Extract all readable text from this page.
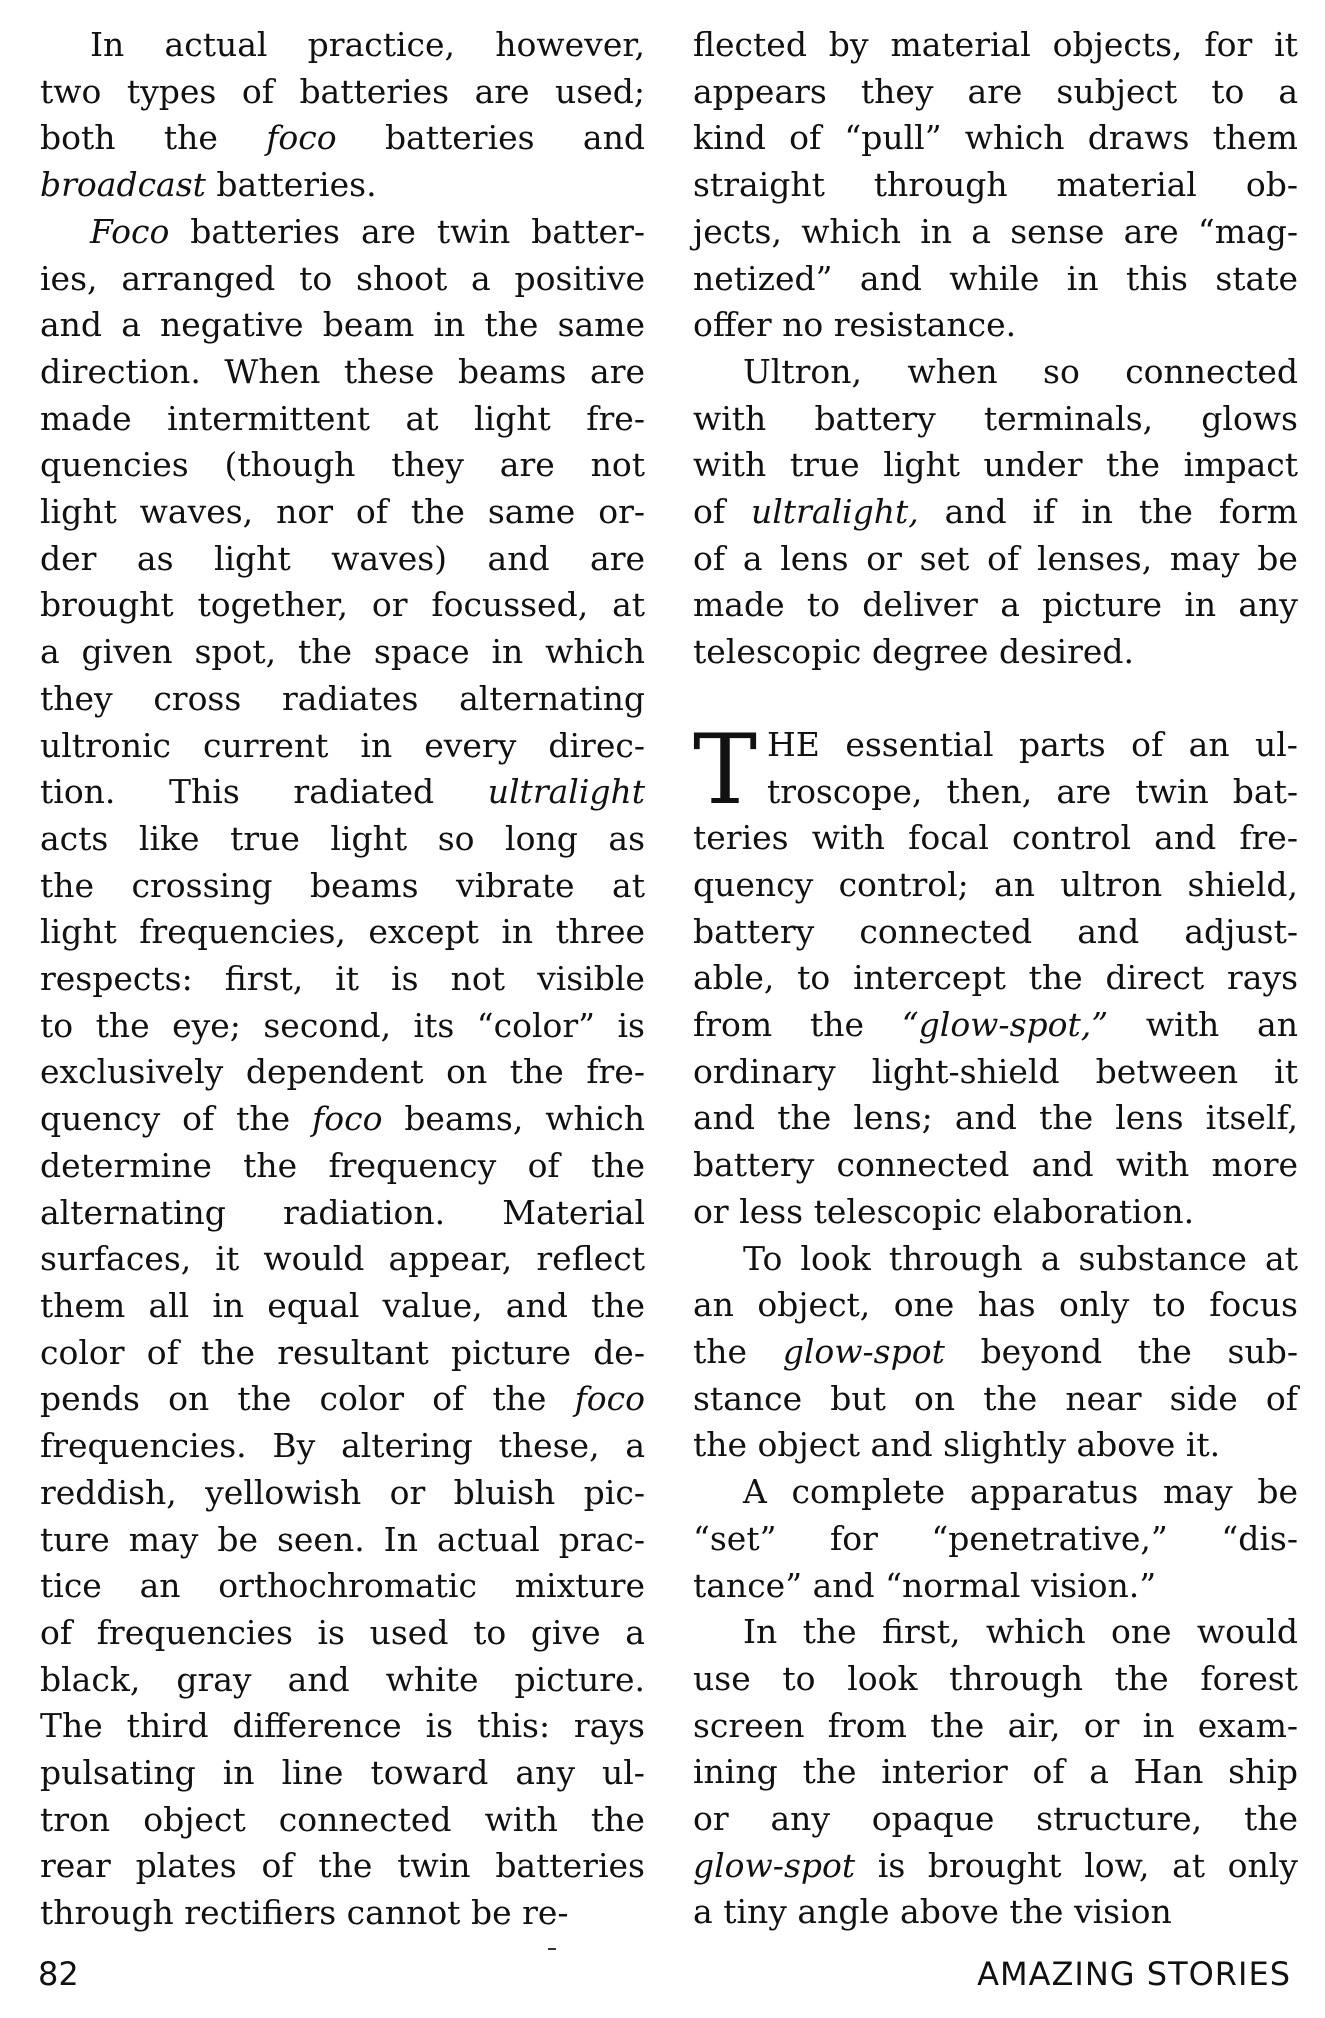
In actual practice, however,
two types of batteries are used;
both the foco batteries and
broadcast batteries.

Foco batteries are twin batter-
ies, arranged to shoot a positive
and a negative beam in the same
direction. When these beams are
made intermittent at light fre-
quencies (though they are not
light waves, nor of the same or-
der as light waves) and are
brought together, or focussed, at
a given spot, the space in which
they cross radiates alternating
ultronic current in every direc-
tion. This radiated ultralight
acts like true light so long as
the crossing beams vibrate at
light frequencies, except in three
respects: first, it is not visible
to the eye; second, its “color” is
exclusively dependent on the fre-
quency of the foco beams, which
determine the frequency of the
alternating radiation. Material
surfaces, it would appear, reflect
them all in equal value, and the
color of the resultant picture de-
pends on the color of the foco
frequencies. By altering these, a
reddish, yellowish or bluish pic-
ture may be seen. In actual prac-
tice an orthochromatic mixture
of frequencies is used to give a
black, gray and white picture.
The third difference is this: rays
pulsating in line toward any ul-
tron object connected with the
rear plates of the twin batteries
through rectifiers cannot be re-

flected by material objects, for it
appears they are subject to a
kind of “pull” which draws them
straight through material ob-
jects, which in a sense are “mag-
netized” and while in this state
offer no resistance.

Ultron, when so connected
with battery terminals, glows
with true light under the impact
of ultralight, and if in the form
of a lens or set of lenses, may be
made to deliver a picture in any
telescopic degree desired.

T HE essential parts of an ul-
troscope, then, are twin bat-
teries with focal control and fre-
quency control; an ultron shield,
battery connected and adjust-
able, to intercept the direct rays
from the “glow-spot,” with an
ordinary light-shield between it
and the lens; and the lens itself,
battery connected and with more
or less telescopic elaboration.

To look through a substance at
an object, one has only to focus
the glow-spot beyond the sub-
stance but on the near side of
the object and slightly above it.

A complete apparatus may be
“set” for “penetrative,” “dis-
tance” and “normal vision.”

In the first, which one would
use to look through the forest
screen from the air, or in exam-
ining the interior of a Han ship
or any opaque structure, the
glow-spot is brought low, at only
a tiny angle above the vision

82	AMAZING STORIES
